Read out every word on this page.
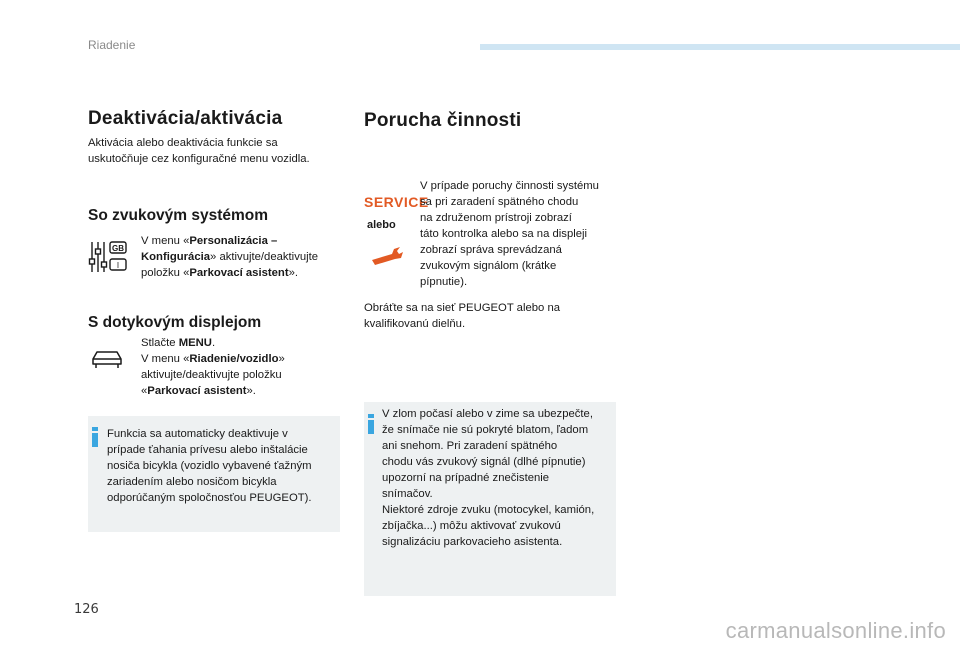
Riadenie
Deaktivácia/aktivácia
Aktivácia alebo deaktivácia funkcie sa
uskutočňuje cez konfiguračné menu vozidla.
So zvukovým systémom
GB
I
V menu «Personalizácia –
Konfigurácia» aktivujte/deaktivujte
položku «Parkovací asistent».
S dotykovým displejom
Stlačte MENU.
V menu «Riadenie/vozidlo»
aktivujte/deaktivujte položku
«Parkovací asistent».
Funkcia sa automaticky deaktivuje v
prípade ťahania prívesu alebo inštalácie
nosiča bicykla (vozidlo vybavené ťažným
zariadením alebo nosičom bicykla
odporúčaným spoločnosťou PEUGEOT).
Porucha činnosti
SERVICE
alebo
V prípade poruchy činnosti systému
sa pri zaradení spätného chodu
na združenom prístroji zobrazí
táto kontrolka alebo sa na displeji
zobrazí správa sprevádzaná
zvukovým signálom (krátke
pípnutie).
Obráťte sa na sieť PEUGEOT alebo na
kvalifikovanú dielňu.
V zlom počasí alebo v zime sa ubezpečte,
že snímače nie sú pokryté blatom, ľadom
ani snehom. Pri zaradení spätného
chodu vás zvukový signál (dlhé pípnutie)
upozorní na prípadné znečistenie
snímačov.
Niektoré zdroje zvuku (motocykel, kamión,
zbíjačka...) môžu aktivovať zvukovú
signalizáciu parkovacieho asistenta.
126
carmanualsonline.info
